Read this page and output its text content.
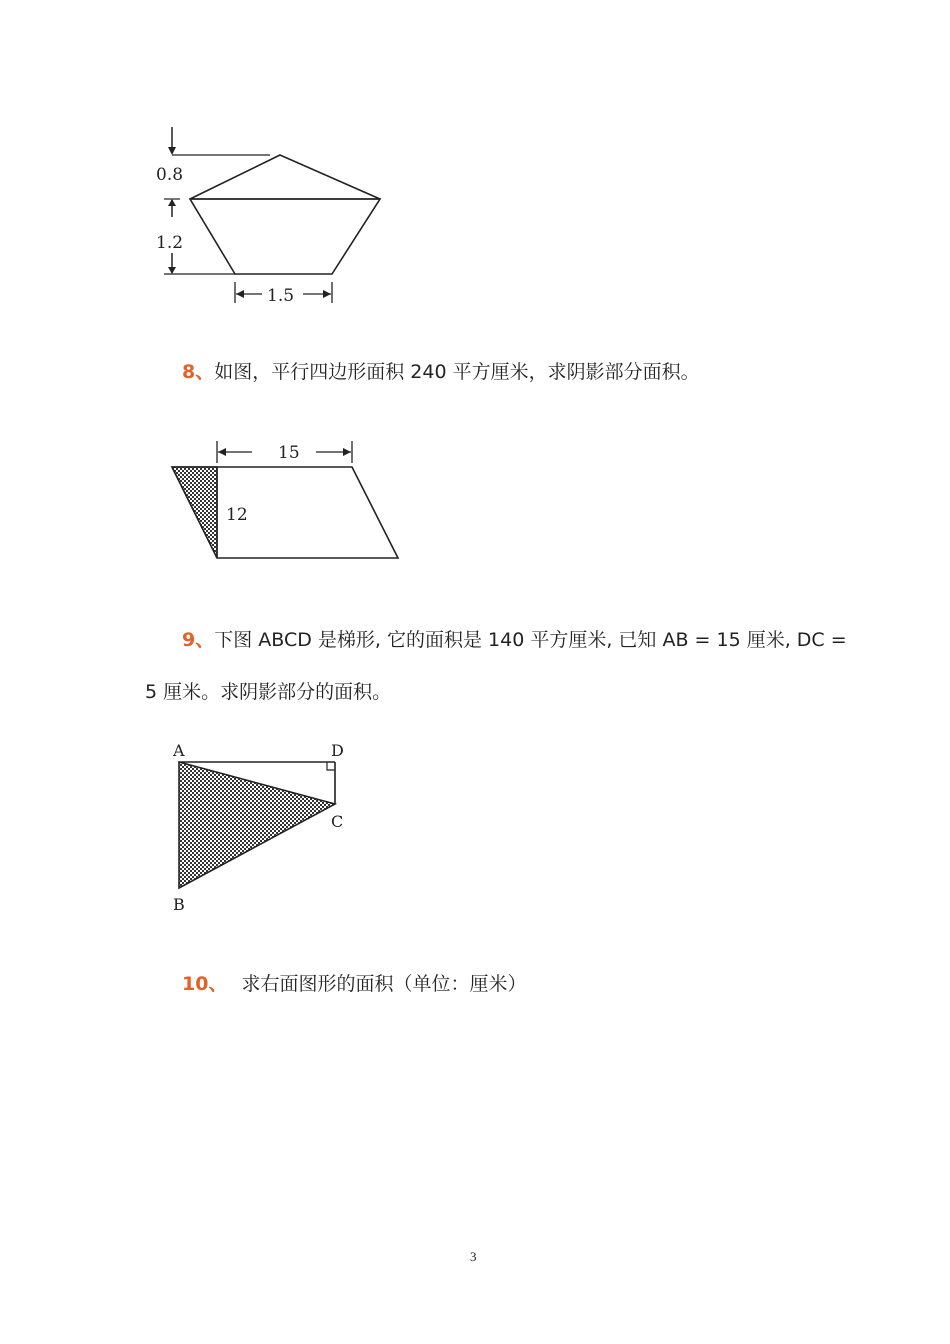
0.8
1.2
1.5
15
12
A	D
C
B
8、如图，平行四边形面积 240 平方厘米，求阴影部分面积。
9、下图 ABCD 是梯形, 它的面积是 140 平方厘米, 已知 AB = 15 厘米, DC =
5 厘米。求阴影部分的面积。
10、 求右面图形的面积（单位：厘米）
3
